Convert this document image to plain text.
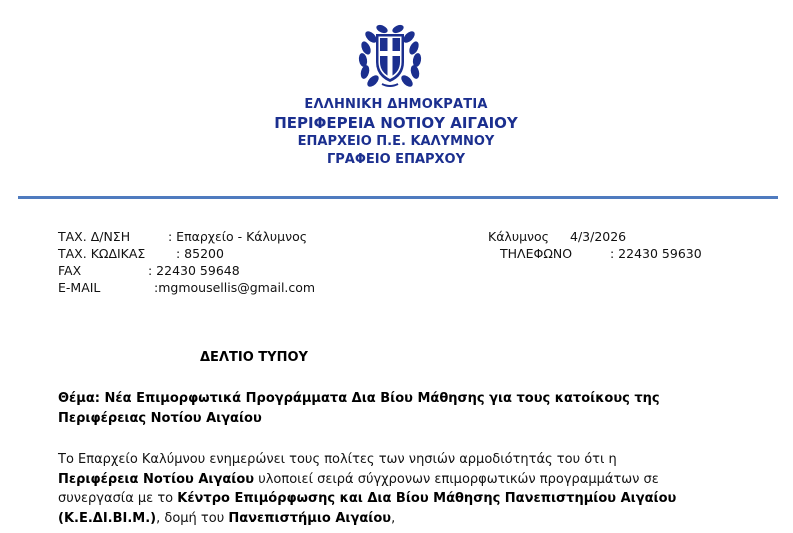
ΕΛΛΗΝΙΚΗ ΔΗΜΟΚΡΑΤΙΑ
ΠΕΡΙΦΕΡΕΙΑ ΝΟΤΙΟΥ ΑΙΓΑΙΟΥ
ΕΠΑΡΧΕΙΟ Π.Ε. ΚΑΛΥΜΝΟΥ
ΓΡΑΦΕΙΟ ΕΠΑΡΧΟΥ
ΤΑΧ. Δ/ΝΣΗ	: Επαρχείο - Κάλυμνος
ΤΑΧ. ΚΩΔΙΚΑΣ : 85200
FAX	: 22430 59648
E-MAIL	:mgmousellis@gmail.com
Κάλυμνος 4/3/2026
ΤΗΛΕΦΩΝΟ	: 22430 59630
ΔΕΛΤΙΟ ΤΥΠΟΥ
Θέμα: Νέα Επιμορφωτικά Προγράμματα Δια Βίου Μάθησης για τους κατοίκους της
Περιφέρειας Νοτίου Αιγαίου
Το Επαρχείο Καλύμνου ενημερώνει τους πολίτες των νησιών αρμοδιότητάς του ότι η
Περιφέρεια Νοτίου Αιγαίου υλοποιεί σειρά σύγχρονων επιμορφωτικών προγραμμάτων σε
συνεργασία με το Κέντρο Επιμόρφωσης και Δια Βίου Μάθησης Πανεπιστημίου Αιγαίου
(Κ.Ε.ΔΙ.ΒΙ.Μ.), δομή του Πανεπιστήμιο Αιγαίου,
